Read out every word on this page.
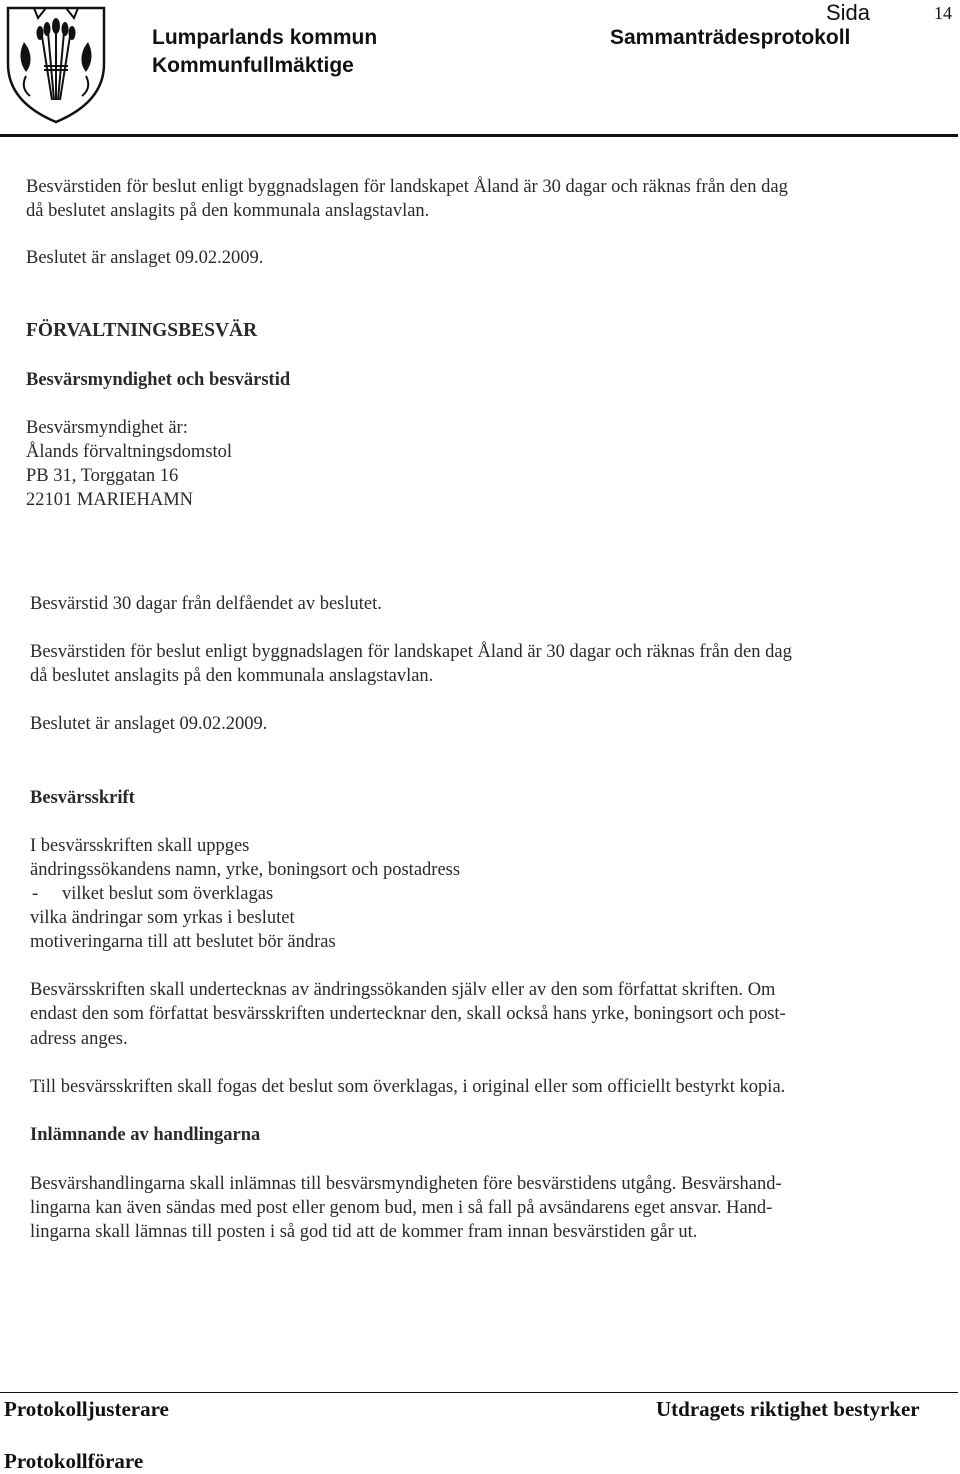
Lumparlands kommun
Kommunfullmäktige
Sammanträdesprotokoll
Sida	14
Besvärstiden för beslut enligt byggnadslagen för landskapet Åland är 30 dagar och räknas från den dag
då beslutet anslagits på den kommunala anslagstavlan.
Beslutet är anslaget 09.02.2009.
FÖRVALTNINGSBESVÄR
Besvärsmyndighet och besvärstid
Besvärsmyndighet är:
Ålands förvaltningsdomstol
PB 31, Torggatan 16
22101 MARIEHAMN
Besvärstid 30 dagar från delfåendet av beslutet.
Besvärstiden för beslut enligt byggnadslagen för landskapet Åland är 30 dagar och räknas från den dag
då beslutet anslagits på den kommunala anslagstavlan.
Beslutet är anslaget 09.02.2009.
Besvärsskrift
I besvärsskriften skall uppges
ändringssökandens namn, yrke, boningsort och postadress
- vilket beslut som överklagas
vilka ändringar som yrkas i beslutet
motiveringarna till att beslutet bör ändras
Besvärsskriften skall undertecknas av ändringssökanden själv eller av den som författat skriften. Om
endast den som författat besvärsskriften undertecknar den, skall också hans yrke, boningsort och post-
adress anges.
Till besvärsskriften skall fogas det beslut som överklagas, i original eller som officiellt bestyrkt kopia.
Inlämnande av handlingarna
Besvärshandlingarna skall inlämnas till besvärsmyndigheten före besvärstidens utgång. Besvärshand-
lingarna kan även sändas med post eller genom bud, men i så fall på avsändarens eget ansvar. Hand-
lingarna skall lämnas till posten i så god tid att de kommer fram innan besvärstiden går ut.
Protokolljusterare	Utdragets riktighet bestyrker
Protokollförare
